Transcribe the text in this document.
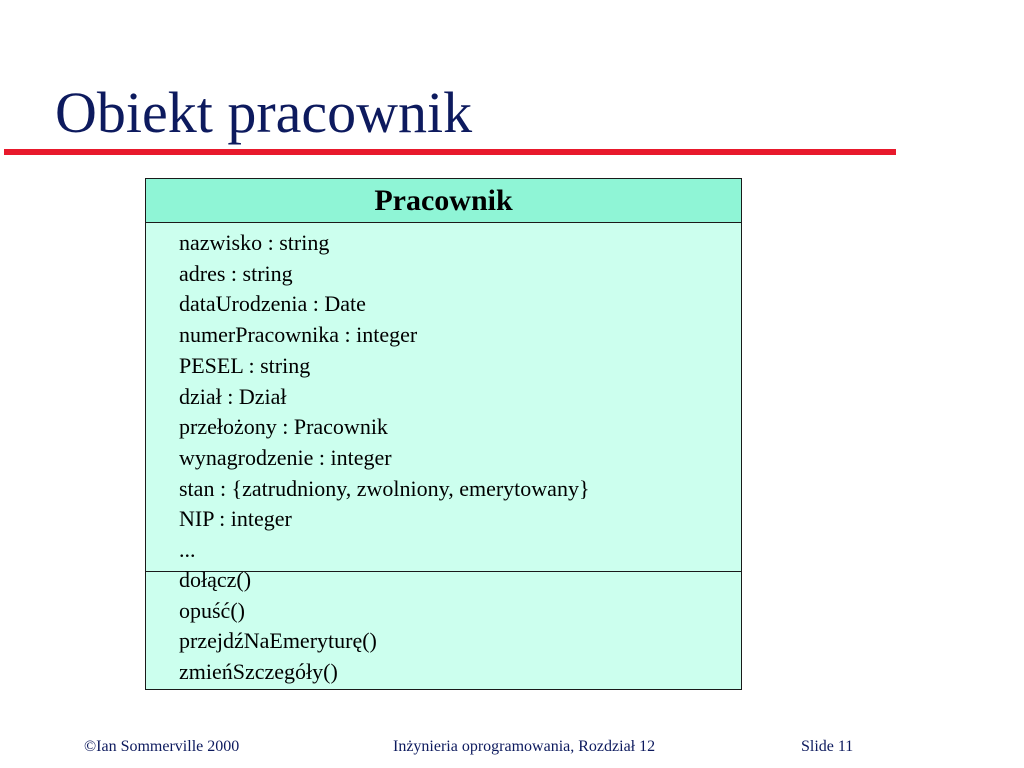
Obiekt pracownik
Pracownik
nazwisko : string
adres : string
dataUrodzenia : Date
numerPracownika : integer
PESEL : string
dział : Dział
przełożony : Pracownik
wynagrodzenie : integer
stan : {zatrudniony, zwolniony, emerytowany}
NIP : integer
...
dołącz()
opuść()
przejdźNaEmeryturę()
zmieńSzczegóły()
©Ian Sommerville 2000	Inżynieria oprogramowania, Rozdział 12	Slide 11
